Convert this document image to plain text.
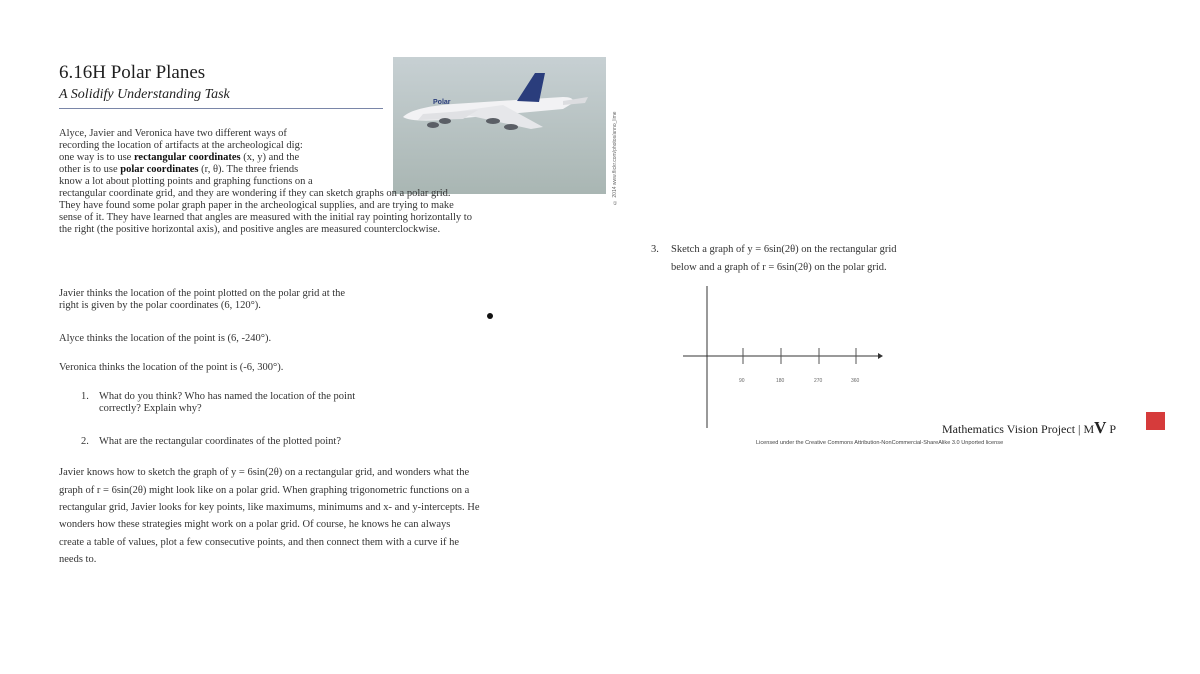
6.16H Polar Planes
A Solidify Understanding Task
Polar
© 2014 www.flickr.com/photos/anno_lime
Alyce, Javier and Veronica have two different ways of
recording the location of artifacts at the archeological dig:
one way is to use rectangular coordinates (x, y) and the
other is to use polar coordinates (r, θ). The three friends
know a lot about plotting points and graphing functions on a
rectangular coordinate grid, and they are wondering if they can sketch graphs on a polar grid.
They have found some polar graph paper in the archeological supplies, and are trying to make
sense of it. They have learned that angles are measured with the initial ray pointing horizontally to
the right (the positive horizontal axis), and positive angles are measured counterclockwise.
Javier thinks the location of the point plotted on the polar grid at the
right is given by the polar coordinates (6, 120°).
Alyce thinks the location of the point is (6, -240°).
Veronica thinks the location of the point is (-6, 300°).
1. What do you think? Who has named the location of the point
correctly? Explain why?
2. What are the rectangular coordinates of the plotted point?
Javier knows how to sketch the graph of y = 6sin(2θ) on a rectangular grid, and wonders what the
graph of r = 6sin(2θ) might look like on a polar grid. When graphing trigonometric functions on a
rectangular grid, Javier looks for key points, like maximums, minimums and x- and y-intercepts. He
wonders how these strategies might work on a polar grid. Of course, he knows he can always
create a table of values, plot a few consecutive points, and then connect them with a curve if he
needs to.
3. Sketch a graph of y = 6sin(2θ) on the rectangular grid
below and a graph of r = 6sin(2θ) on the polar grid.
90	180	270	360
Mathematics Vision Project | MV P
Licensed under the Creative Commons Attribution-NonCommercial-ShareAlike 3.0 Unported license
